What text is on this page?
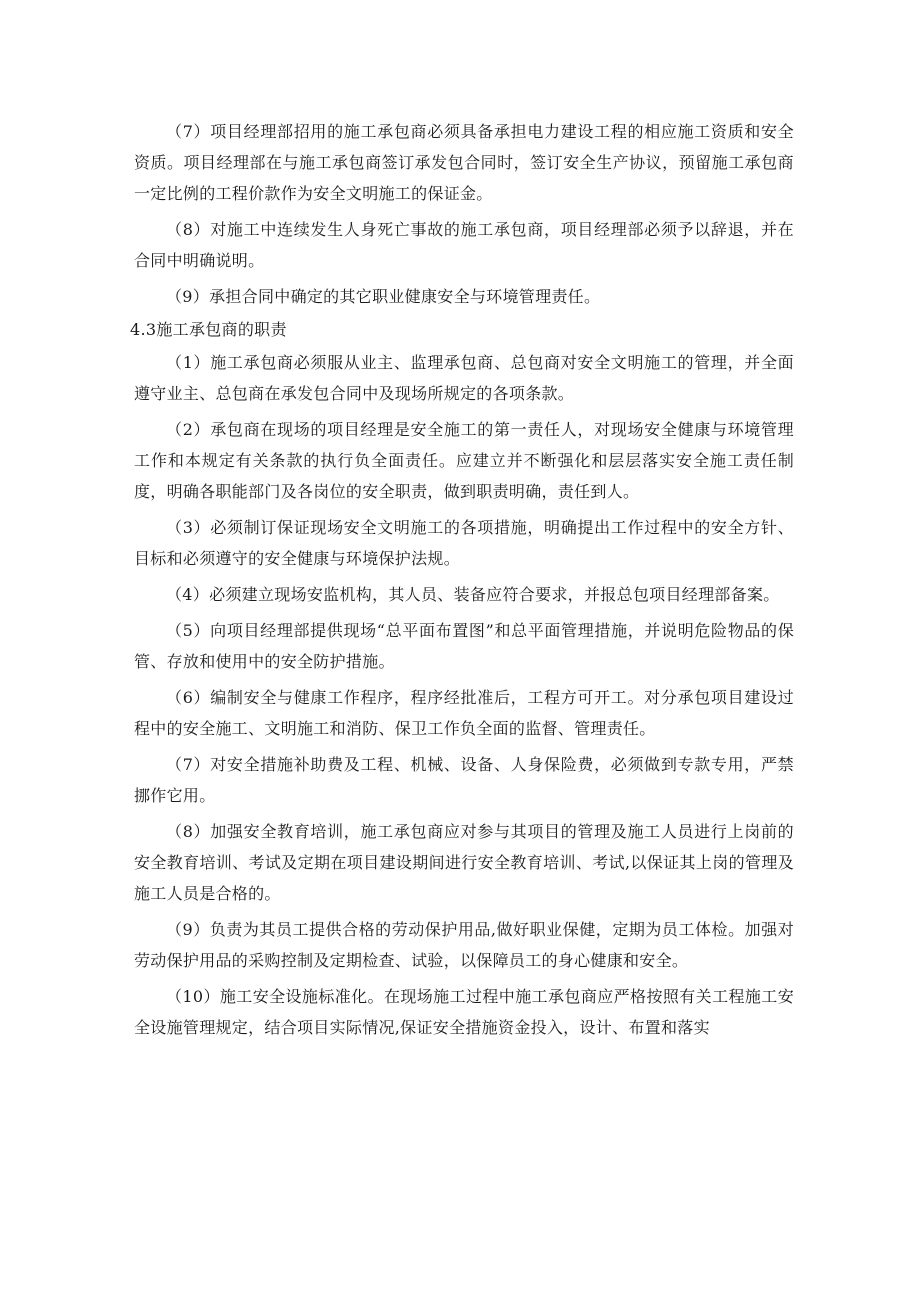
（7）项目经理部招用的施工承包商必须具备承担电力建设工程的相应施工资质和安全资质。项目经理部在与施工承包商签订承发包合同时，签订安全生产协议，预留施工承包商一定比例的工程价款作为安全文明施工的保证金。

（8）对施工中连续发生人身死亡事故的施工承包商，项目经理部必须予以辞退，并在合同中明确说明。

（9）承担合同中确定的其它职业健康安全与环境管理责任。

4.3施工承包商的职责

（1）施工承包商必须服从业主、监理承包商、总包商对安全文明施工的管理，并全面遵守业主、总包商在承发包合同中及现场所规定的各项条款。

（2）承包商在现场的项目经理是安全施工的第一责任人，对现场安全健康与环境管理工作和本规定有关条款的执行负全面责任。应建立并不断强化和层层落实安全施工责任制度，明确各职能部门及各岗位的安全职责，做到职责明确，责任到人。

（3）必须制订保证现场安全文明施工的各项措施，明确提出工作过程中的安全方针、目标和必须遵守的安全健康与环境保护法规。

（4）必须建立现场安监机构，其人员、装备应符合要求，并报总包项目经理部备案。

（5）向项目经理部提供现场“总平面布置图”和总平面管理措施，并说明危险物品的保管、存放和使用中的安全防护措施。

（6）编制安全与健康工作程序，程序经批准后，工程方可开工。对分承包项目建设过程中的安全施工、文明施工和消防、保卫工作负全面的监督、管理责任。

（7）对安全措施补助费及工程、机械、设备、人身保险费，必须做到专款专用，严禁挪作它用。

（8）加强安全教育培训，施工承包商应对参与其项目的管理及施工人员进行上岗前的安全教育培训、考试及定期在项目建设期间进行安全教育培训、考试,以保证其上岗的管理及施工人员是合格的。

（9）负责为其员工提供合格的劳动保护用品,做好职业保健，定期为员工体检。加强对劳动保护用品的采购控制及定期检查、试验，以保障员工的身心健康和安全。

（10）施工安全设施标准化。在现场施工过程中施工承包商应严格按照有关工程施工安全设施管理规定，结合项目实际情况,保证安全措施资金投入，设计、布置和落实
